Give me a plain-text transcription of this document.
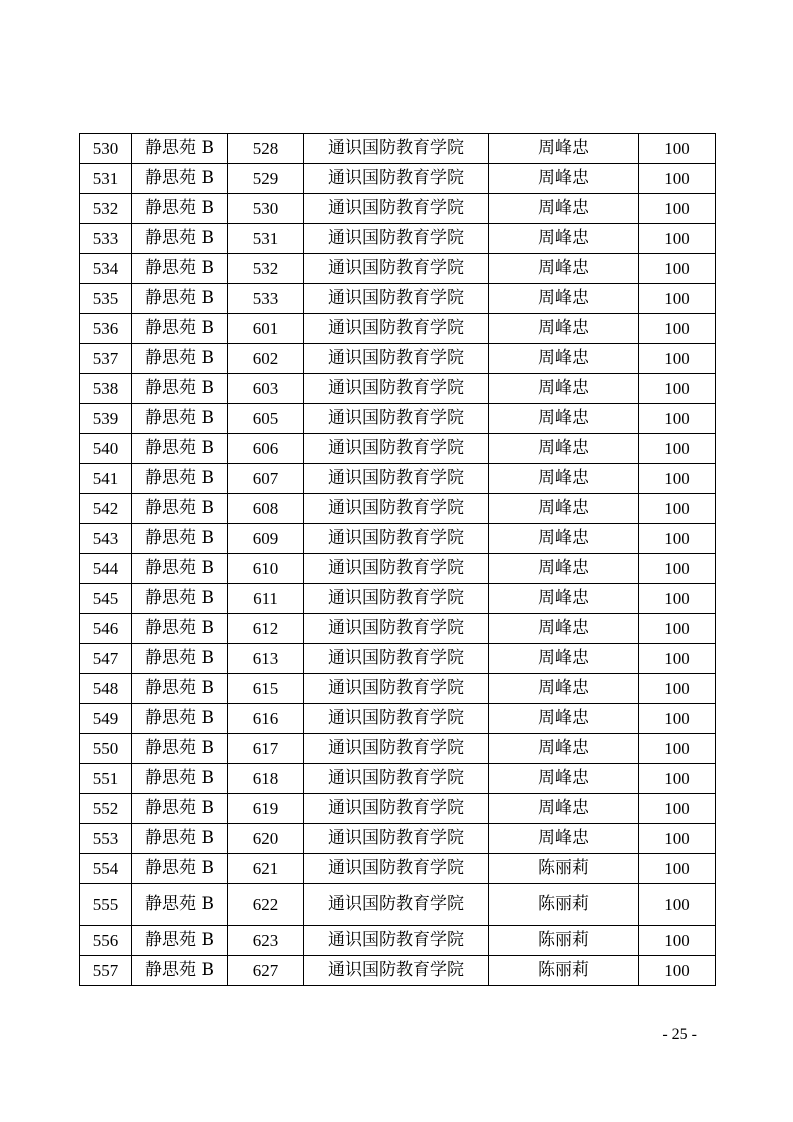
530	静思苑 B	528	通识国防教育学院	周峰忠	100
531	静思苑 B	529	通识国防教育学院	周峰忠	100
532	静思苑 B	530	通识国防教育学院	周峰忠	100
533	静思苑 B	531	通识国防教育学院	周峰忠	100
534	静思苑 B	532	通识国防教育学院	周峰忠	100
535	静思苑 B	533	通识国防教育学院	周峰忠	100
536	静思苑 B	601	通识国防教育学院	周峰忠	100
537	静思苑 B	602	通识国防教育学院	周峰忠	100
538	静思苑 B	603	通识国防教育学院	周峰忠	100
539	静思苑 B	605	通识国防教育学院	周峰忠	100
540	静思苑 B	606	通识国防教育学院	周峰忠	100
541	静思苑 B	607	通识国防教育学院	周峰忠	100
542	静思苑 B	608	通识国防教育学院	周峰忠	100
543	静思苑 B	609	通识国防教育学院	周峰忠	100
544	静思苑 B	610	通识国防教育学院	周峰忠	100
545	静思苑 B	611	通识国防教育学院	周峰忠	100
546	静思苑 B	612	通识国防教育学院	周峰忠	100
547	静思苑 B	613	通识国防教育学院	周峰忠	100
548	静思苑 B	615	通识国防教育学院	周峰忠	100
549	静思苑 B	616	通识国防教育学院	周峰忠	100
550	静思苑 B	617	通识国防教育学院	周峰忠	100
551	静思苑 B	618	通识国防教育学院	周峰忠	100
552	静思苑 B	619	通识国防教育学院	周峰忠	100
553	静思苑 B	620	通识国防教育学院	周峰忠	100
554	静思苑 B	621	通识国防教育学院	陈丽莉	100
555	静思苑 B	622	通识国防教育学院	陈丽莉	100
556	静思苑 B	623	通识国防教育学院	陈丽莉	100
557	静思苑 B	627	通识国防教育学院	陈丽莉	100
- 25 -
